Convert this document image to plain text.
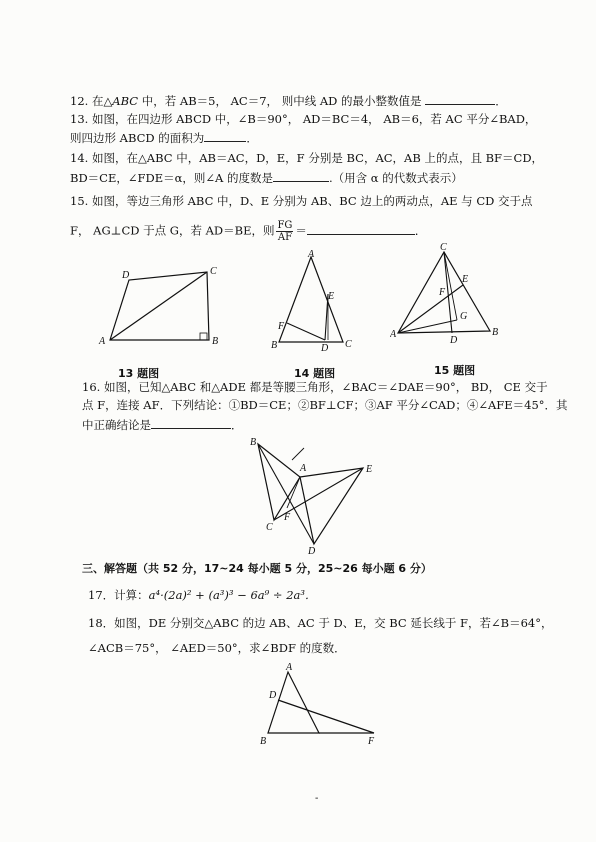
12. 在△ABC 中，若 AB＝5， AC＝7， 则中线 AD 的最小整数值是	．
13. 如图，在四边形 ABCD 中，∠B＝90°， AD＝BC＝4， AB＝6，若 AC 平分∠BAD，
则四边形 ABCD 的面积为	．
14. 如图，在△ABC 中，AB＝AC，D，E，F 分别是 BC，AC，AB 上的点，且 BF＝CD，
BD＝CE，∠FDE＝α，则∠A 的度数是	.（用含 α 的代数式表示）
15. 如图，等边三角形 ABC 中，D、E 分别为 AB、BC 边上的两动点，AE 与 CD 交于点
F， AG⊥CD 于点 G，若 AD＝BE，则 $\frac{FG}{AF}$ ＝	．
A	B
C
D
13 题图
A
B	C
D
E
F
14 题图
C
A	B
D
E
F
G
15 题图
16. 如图，已知△ABC 和△ADE 都是等腰三角形，∠BAC＝∠DAE＝90°， BD， CE 交于
点 F，连接 AF．下列结论：①BD＝CE；②BF⊥CF；③AF 平分∠CAD；④∠AFE＝45°．其
中正确结论是	．
B
A	E
C
F
D
三、解答题（共 52 分，17~24 每小题 5 分，25~26 每小题 6 分）
17．计算：a⁴·(2a)² + (a³)³ − 6a⁹ ÷ 2a³．
18．如图，DE 分别交△ABC 的边 AB、AC 于 D、E，交 BC 延长线于 F，若∠B＝64°，
∠ACB＝75°， ∠AED＝50°，求∠BDF 的度数．
A
B
D
F
-
